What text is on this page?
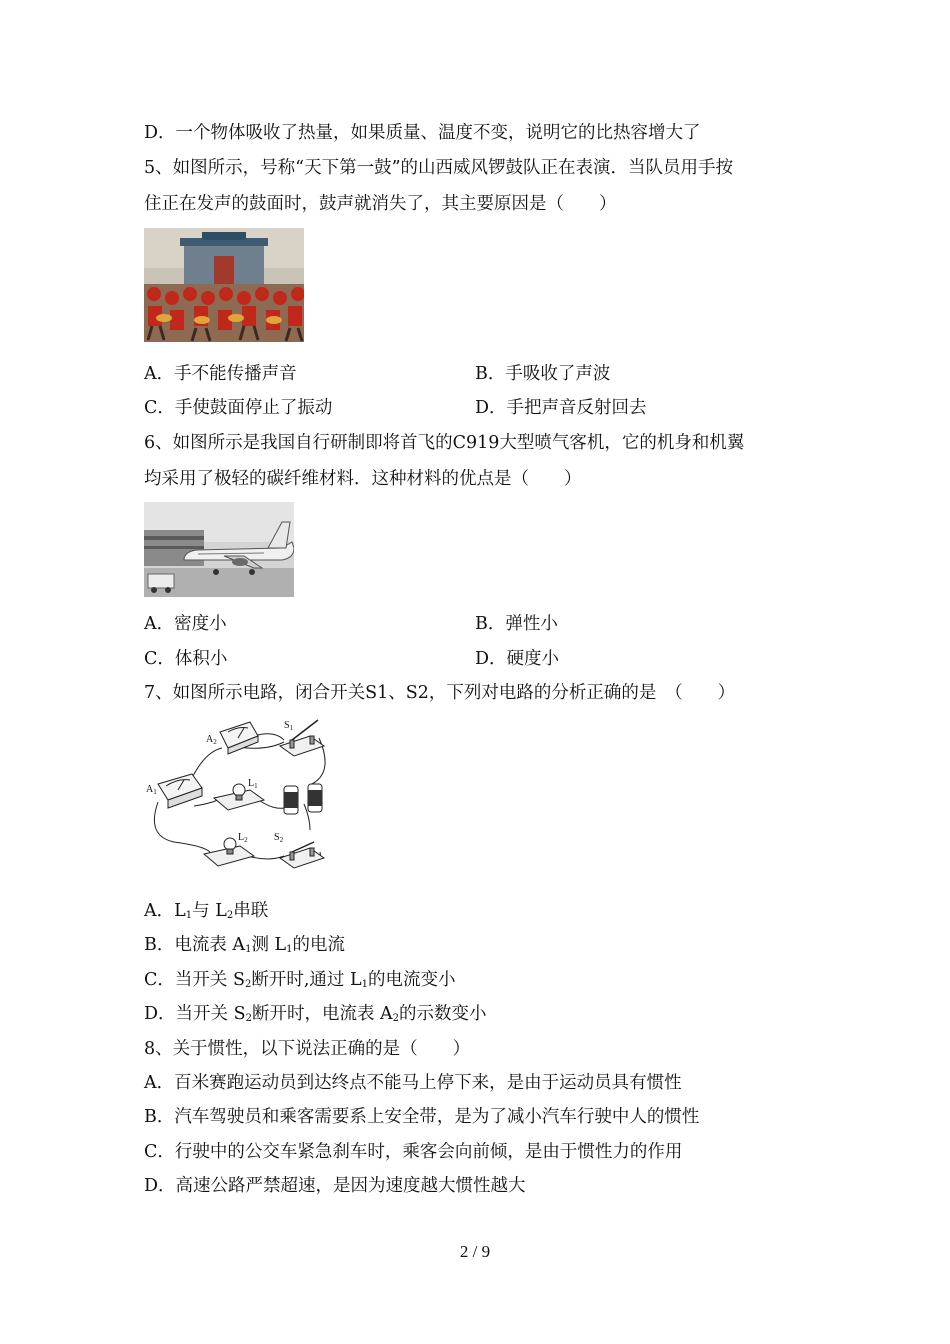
D．一个物体吸收了热量，如果质量、温度不变，说明它的比热容增大了
5、如图所示，号称“天下第一鼓”的山西威风锣鼓队正在表演．当队员用手按
住正在发声的鼓面时，鼓声就消失了，其主要原因是（　　）
A．手不能传播声音	B．手吸收了声波
C．手使鼓面停止了振动	D．手把声音反射回去
6、如图所示是我国自行研制即将首飞的C919大型喷气客机，它的机身和机翼
均采用了极轻的碳纤维材料．这种材料的优点是（　　）
A．密度小	B．弹性小
C．体积小	D．硬度小
7、如图所示电路，闭合开关S1、S2，下列对电路的分析正确的是　（　　）
$A_2$
$S_1$
$A_1$
$L_1$
$L_2$	$S_2$
A．$L_1$与 $L_2$串联
B．电流表 $A_1$测 $L_1$的电流
C．当开关 $S_2$断开时,通过 $L_1$的电流变小
D．当开关 $S_2$断开时，电流表 $A_2$的示数变小
8、关于惯性，以下说法正确的是（　　）
A．百米赛跑运动员到达终点不能马上停下来，是由于运动员具有惯性
B．汽车驾驶员和乘客需要系上安全带，是为了减小汽车行驶中人的惯性
C．行驶中的公交车紧急刹车时，乘客会向前倾，是由于惯性力的作用
D．高速公路严禁超速，是因为速度越大惯性越大
2 / 9
